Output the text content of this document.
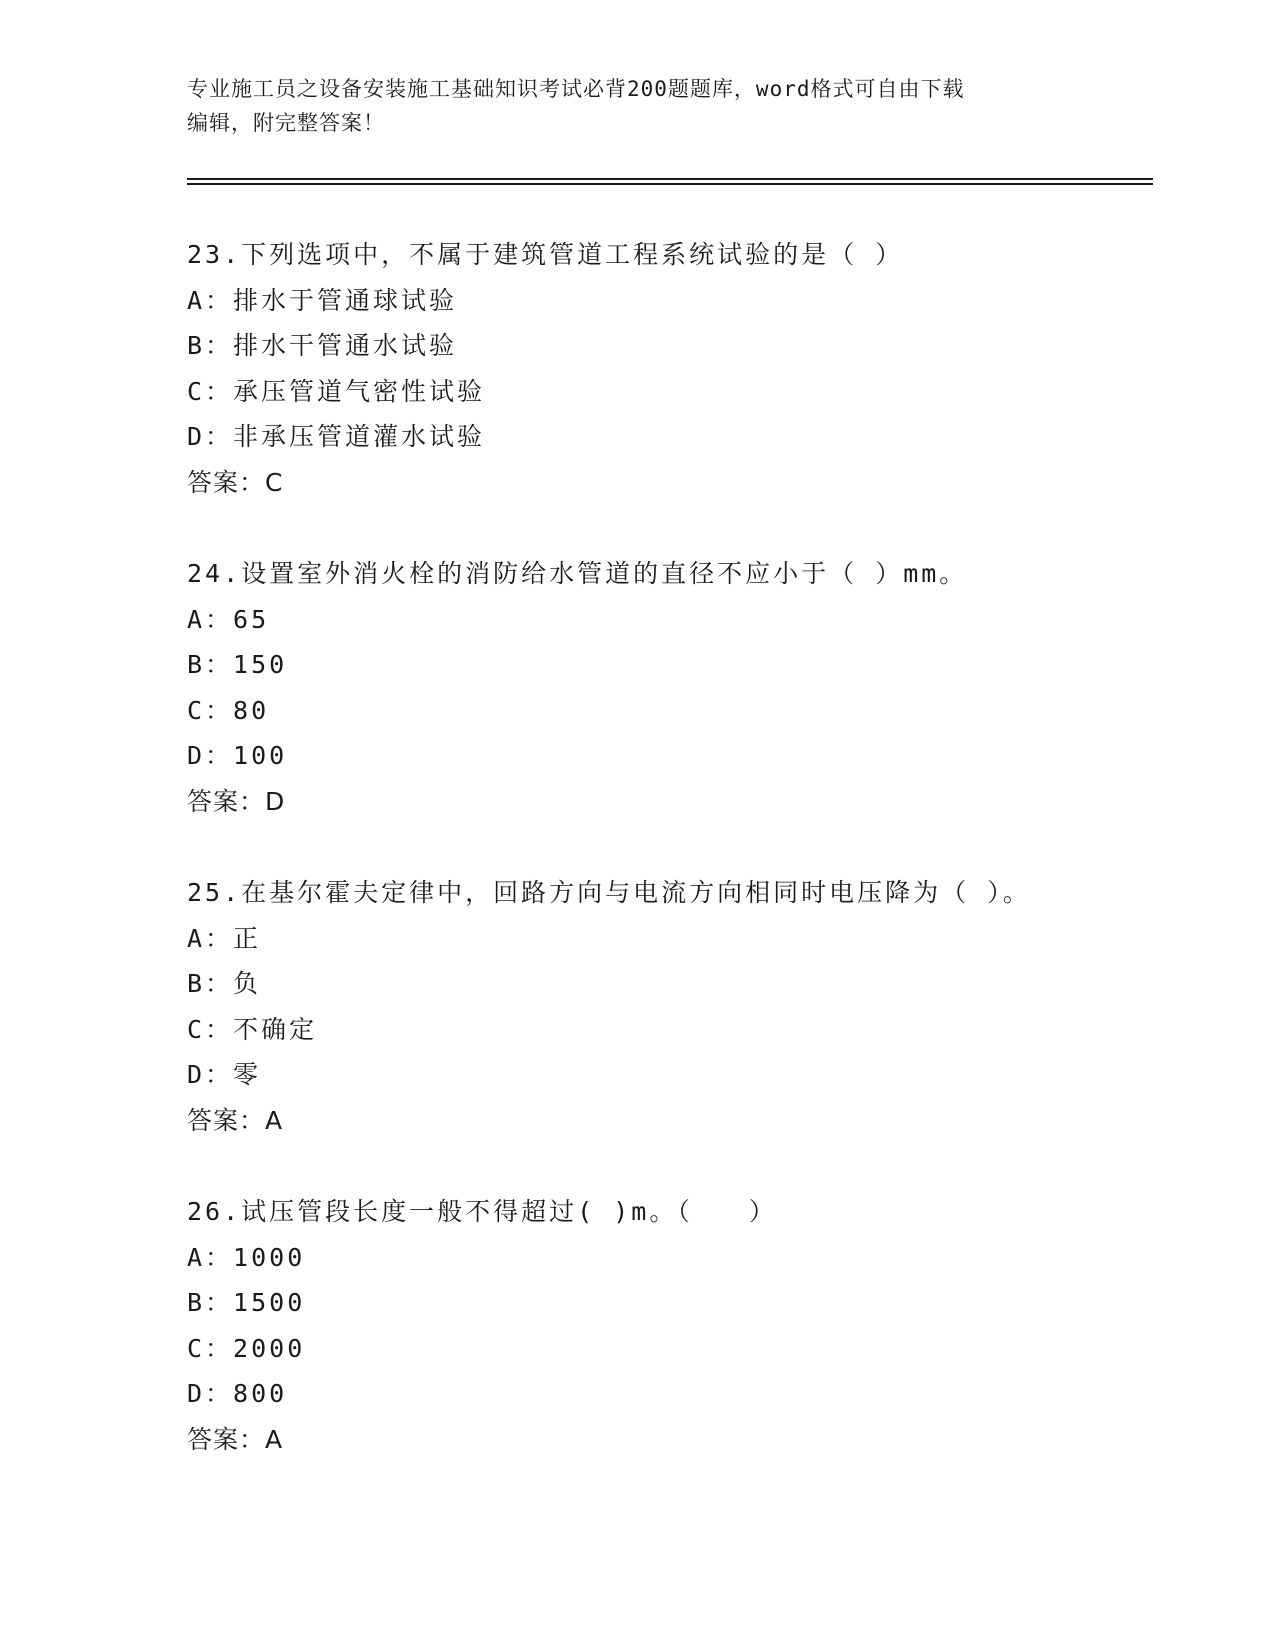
专业施工员之设备安装施工基础知识考试必背200题题库，word格式可自由下载
编辑，附完整答案！
23.下列选项中，不属于建筑管道工程系统试验的是（ ）
A：排水于管通球试验
B：排水干管通水试验
C：承压管道气密性试验
D：非承压管道灌水试验
答案：C
24.设置室外消火栓的消防给水管道的直径不应小于（ ）mm。
A：65
B：150
C：80
D：100
答案：D
25.在基尔霍夫定律中，回路方向与电流方向相同时电压降为（ ）。
A：正
B：负
C：不确定
D：零
答案：A
26.试压管段长度一般不得超过( )m。（　　）
A：1000
B：1500
C：2000
D：800
答案：A
